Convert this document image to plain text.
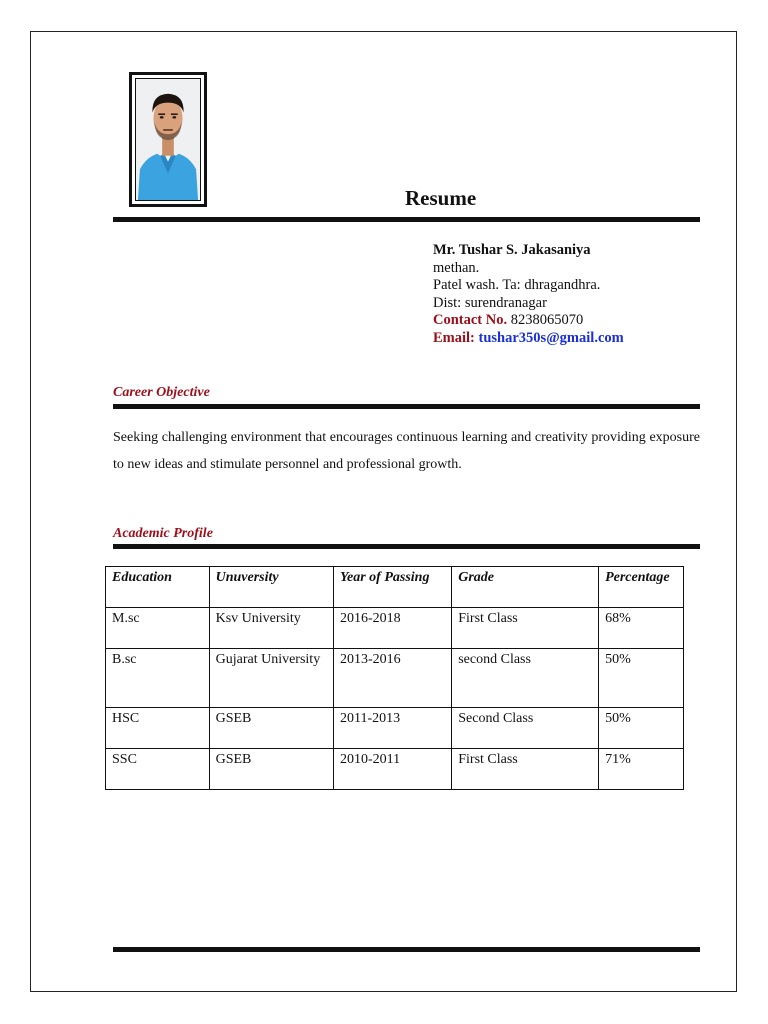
Resume
Mr. Tushar S. Jakasaniya
methan.
Patel wash. Ta: dhragandhra.
Dist: surendranagar
Contact No. 8238065070
Email: tushar350s@gmail.com
Career Objective
Seeking challenging environment that encourages continuous learning and creativity providing exposure to new ideas and stimulate personnel and professional growth.
Academic Profile
Education	Unuversity	Year of Passing	Grade	Percentage
M.sc	Ksv University	2016-2018	First Class	68%
B.sc	Gujarat University	2013-2016	second Class	50%
HSC	GSEB	2011-2013	Second Class	50%
SSC	GSEB	2010-2011	First Class	71%
